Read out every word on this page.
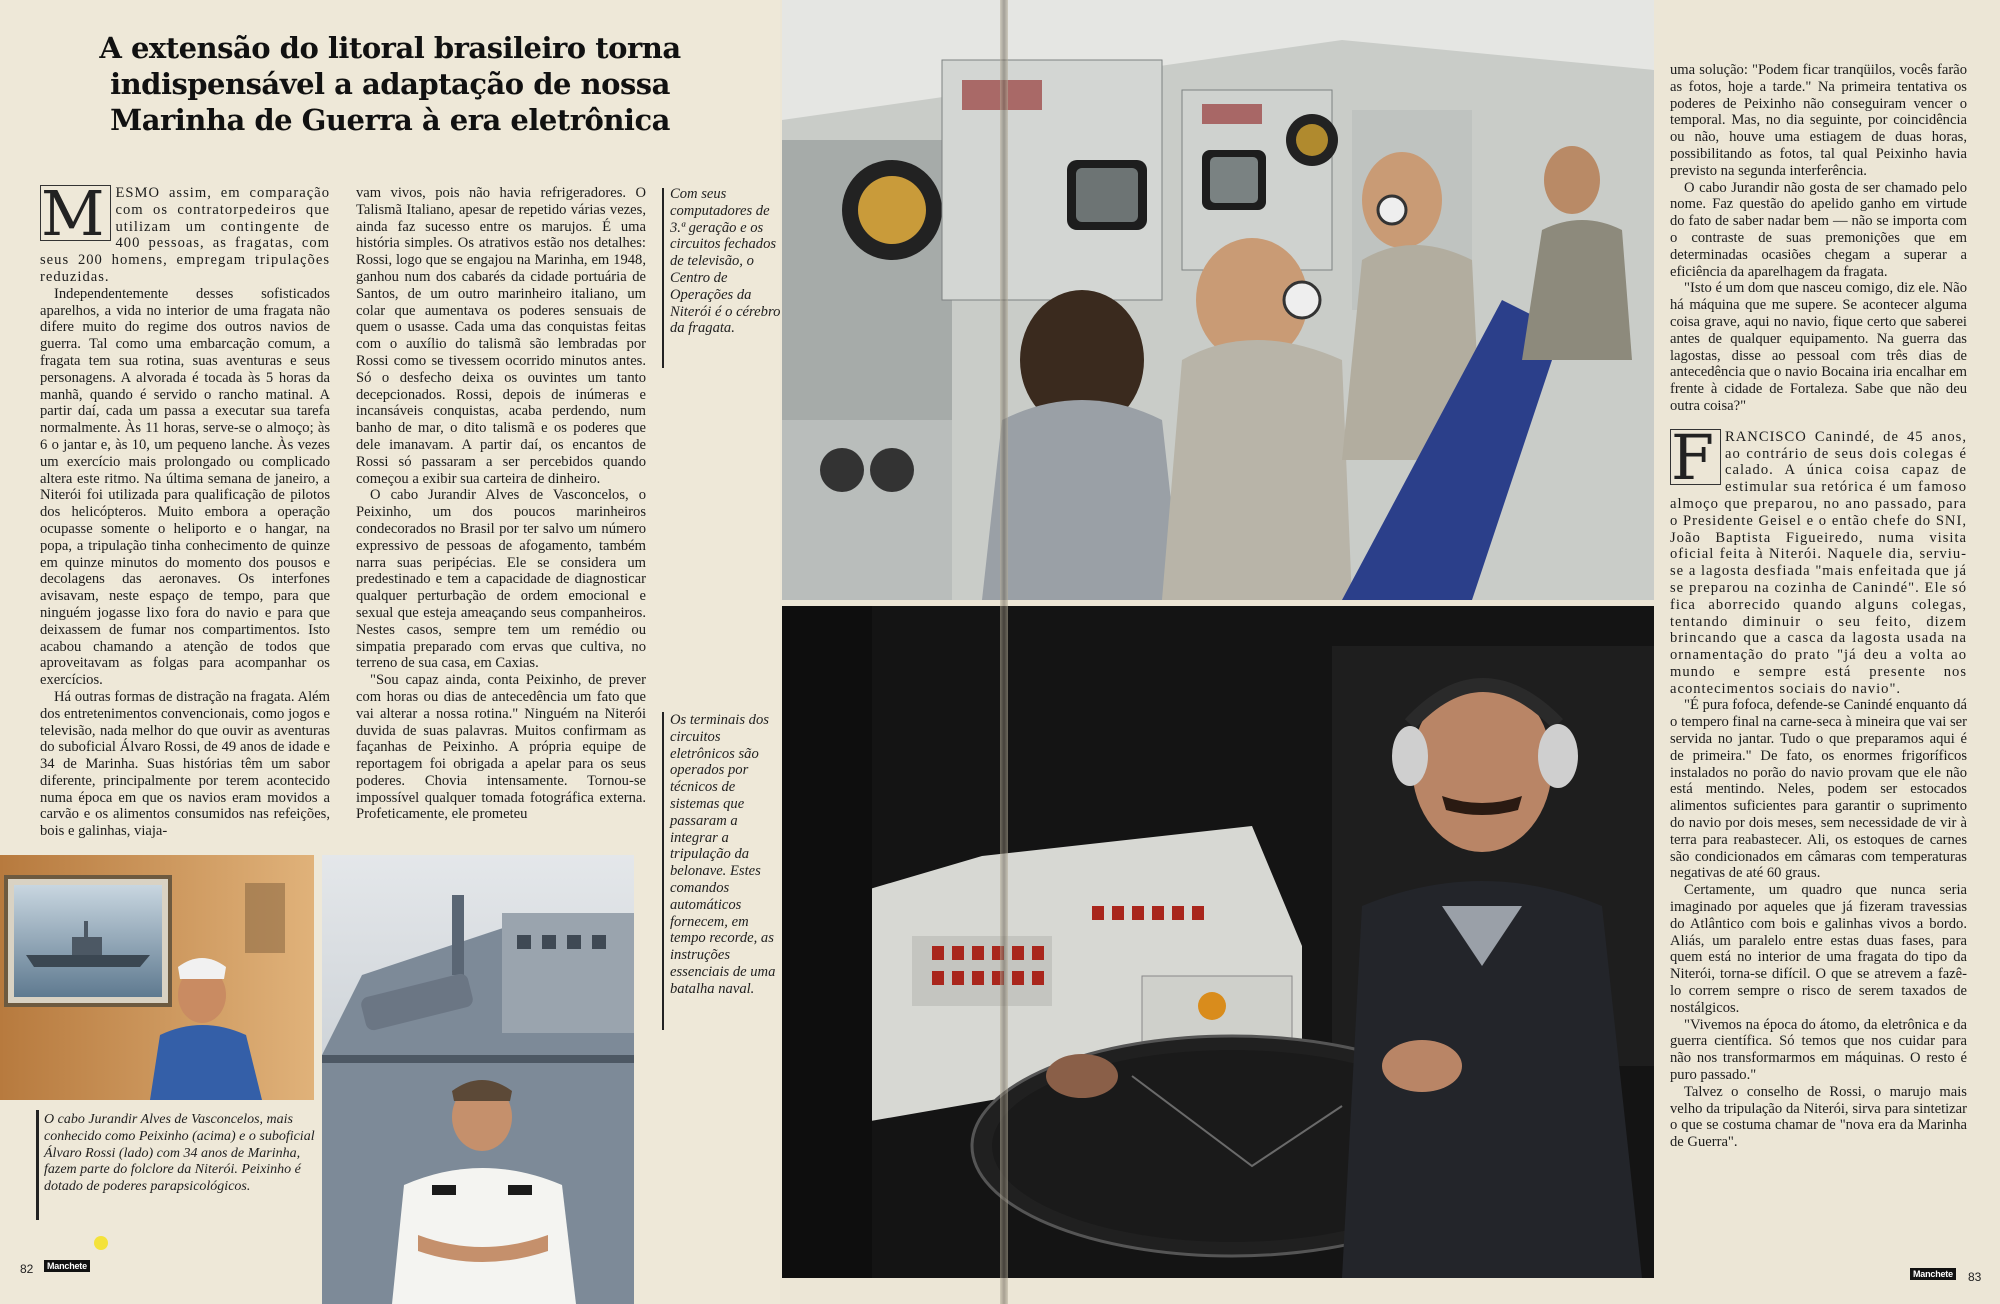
A extensão do litoral brasileiro torna indispensável a adaptação de nossa Marinha de Guerra à era eletrônica

M ESMO assim, em comparação com os contratorpedeiros que utilizam um contingente de 400 pessoas, as fragatas, com seus 200 homens, empregam tripulações reduzidas.

Independentemente desses sofisticados aparelhos, a vida no interior de uma fragata não difere muito do regime dos outros navios de guerra. Tal como uma embarcação comum, a fragata tem sua rotina, suas aventuras e seus personagens. A alvorada é tocada às 5 horas da manhã, quando é servido o rancho matinal. A partir daí, cada um passa a executar sua tarefa normalmente. Às 11 horas, serve-se o almoço; às 6 o jantar e, às 10, um pequeno lanche. Às vezes um exercício mais prolongado ou complicado altera este ritmo. Na última semana de janeiro, a Niterói foi utilizada para qualificação de pilotos dos helicópteros. Muito embora a operação ocupasse somente o heliporto e o hangar, na popa, a tripulação tinha conhecimento de quinze em quinze minutos do momento dos pousos e decolagens das aeronaves. Os interfones avisavam, neste espaço de tempo, para que ninguém jogasse lixo fora do navio e para que deixassem de fumar nos compartimentos. Isto acabou chamando a atenção de todos que aproveitavam as folgas para acompanhar os exercícios.

Há outras formas de distração na fragata. Além dos entretenimentos convencionais, como jogos e televisão, nada melhor do que ouvir as aventuras do suboficial Álvaro Rossi, de 49 anos de idade e 34 de Marinha. Suas histórias têm um sabor diferente, principalmente por terem acontecido numa época em que os navios eram movidos a carvão e os alimentos consumidos nas refeições, bois e galinhas, viaja-

vam vivos, pois não havia refrigeradores. O Talismã Italiano, apesar de repetido várias vezes, ainda faz sucesso entre os marujos. É uma história simples. Os atrativos estão nos detalhes: Rossi, logo que se engajou na Marinha, em 1948, ganhou num dos cabarés da cidade portuária de Santos, de um outro marinheiro italiano, um colar que aumentava os poderes sensuais de quem o usasse. Cada uma das conquistas feitas com o auxílio do talismã são lembradas por Rossi como se tivessem ocorrido minutos antes. Só o desfecho deixa os ouvintes um tanto decepcionados. Rossi, depois de inúmeras e incansáveis conquistas, acaba perdendo, num banho de mar, o dito talismã e os poderes que dele imanavam. A partir daí, os encantos de Rossi só passaram a ser percebidos quando começou a exibir sua carteira de dinheiro.

O cabo Jurandir Alves de Vasconcelos, o Peixinho, um dos poucos marinheiros condecorados no Brasil por ter salvo um número expressivo de pessoas de afogamento, também narra suas peripécias. Ele se considera um predestinado e tem a capacidade de diagnosticar qualquer perturbação de ordem emocional e sexual que esteja ameaçando seus companheiros. Nestes casos, sempre tem um remédio ou simpatia preparado com ervas que cultiva, no terreno de sua casa, em Caxias.

"Sou capaz ainda, conta Peixinho, de prever com horas ou dias de antecedência um fato que vai alterar a nossa rotina." Ninguém na Niterói duvida de suas palavras. Muitos confirmam as façanhas de Peixinho. A própria equipe de reportagem foi obrigada a apelar para os seus poderes. Chovia intensamente. Tornou-se impossível qualquer tomada fotográfica externa. Profeticamente, ele prometeu

Com seus computadores de 3.ª geração e os circuitos fechados de televisão, o Centro de Operações da Niterói é o cérebro da fragata.
Os terminais dos circuitos eletrônicos são operados por técnicos de sistemas que passaram a integrar a tripulação da belonave. Estes comandos automáticos fornecem, em tempo recorde, as instruções essenciais de uma batalha naval.
O cabo Jurandir Alves de Vasconcelos, mais conhecido como Peixinho (acima) e o suboficial Álvaro Rossi (lado) com 34 anos de Marinha, fazem parte do folclore da Niterói. Peixinho é dotado de poderes parapsicológicos.

uma solução: "Podem ficar tranqüilos, vocês farão as fotos, hoje a tarde." Na primeira tentativa os poderes de Peixinho não conseguiram vencer o temporal. Mas, no dia seguinte, por coincidência ou não, houve uma estiagem de duas horas, possibilitando as fotos, tal qual Peixinho havia previsto na segunda interferência.

O cabo Jurandir não gosta de ser chamado pelo nome. Faz questão do apelido ganho em virtude do fato de saber nadar bem — não se importa com o contraste de suas premonições que em determinadas ocasiões chegam a superar a eficiência da aparelhagem da fragata.

"Isto é um dom que nasceu comigo, diz ele. Não há máquina que me supere. Se acontecer alguma coisa grave, aqui no navio, fique certo que saberei antes de qualquer equipamento. Na guerra das lagostas, disse ao pessoal com três dias de antecedência que o navio Bocaina iria encalhar em frente à cidade de Fortaleza. Sabe que não deu outra coisa?"

F RANCISCO Canindé, de 45 anos, ao contrário de seus dois colegas é calado. A única coisa capaz de estimular sua retórica é um famoso almoço que preparou, no ano passado, para o Presidente Geisel e o então chefe do SNI, João Baptista Figueiredo, numa visita oficial feita à Niterói. Naquele dia, serviu-se a lagosta desfiada "mais enfeitada que já se preparou na cozinha de Canindé". Ele só fica aborrecido quando alguns colegas, tentando diminuir o seu feito, dizem brincando que a casca da lagosta usada na ornamentação do prato "já deu a volta ao mundo e sempre está presente nos acontecimentos sociais do navio".

"É pura fofoca, defende-se Canindé enquanto dá o tempero final na carne-seca à mineira que vai ser servida no jantar. Tudo o que preparamos aqui é de primeira." De fato, os enormes frigoríficos instalados no porão do navio provam que ele não está mentindo. Neles, podem ser estocados alimentos suficientes para garantir o suprimento do navio por dois meses, sem necessidade de vir à terra para reabastecer. Ali, os estoques de carnes são condicionados em câmaras com temperaturas negativas de até 60 graus.

Certamente, um quadro que nunca seria imaginado por aqueles que já fizeram travessias do Atlântico com bois e galinhas vivos a bordo. Aliás, um paralelo entre estas duas fases, para quem está no interior de uma fragata do tipo da Niterói, torna-se difícil. O que se atrevem a fazê-lo correm sempre o risco de serem taxados de nostálgicos.

"Vivemos na época do átomo, da eletrônica e da guerra científica. Só temos que nos cuidar para não nos transformarmos em máquinas. O resto é puro passado."

Talvez o conselho de Rossi, o marujo mais velho da tripulação da Niterói, sirva para sintetizar o que se costuma chamar de "nova era da Marinha de Guerra".

82	Manchete
Manchete 83
